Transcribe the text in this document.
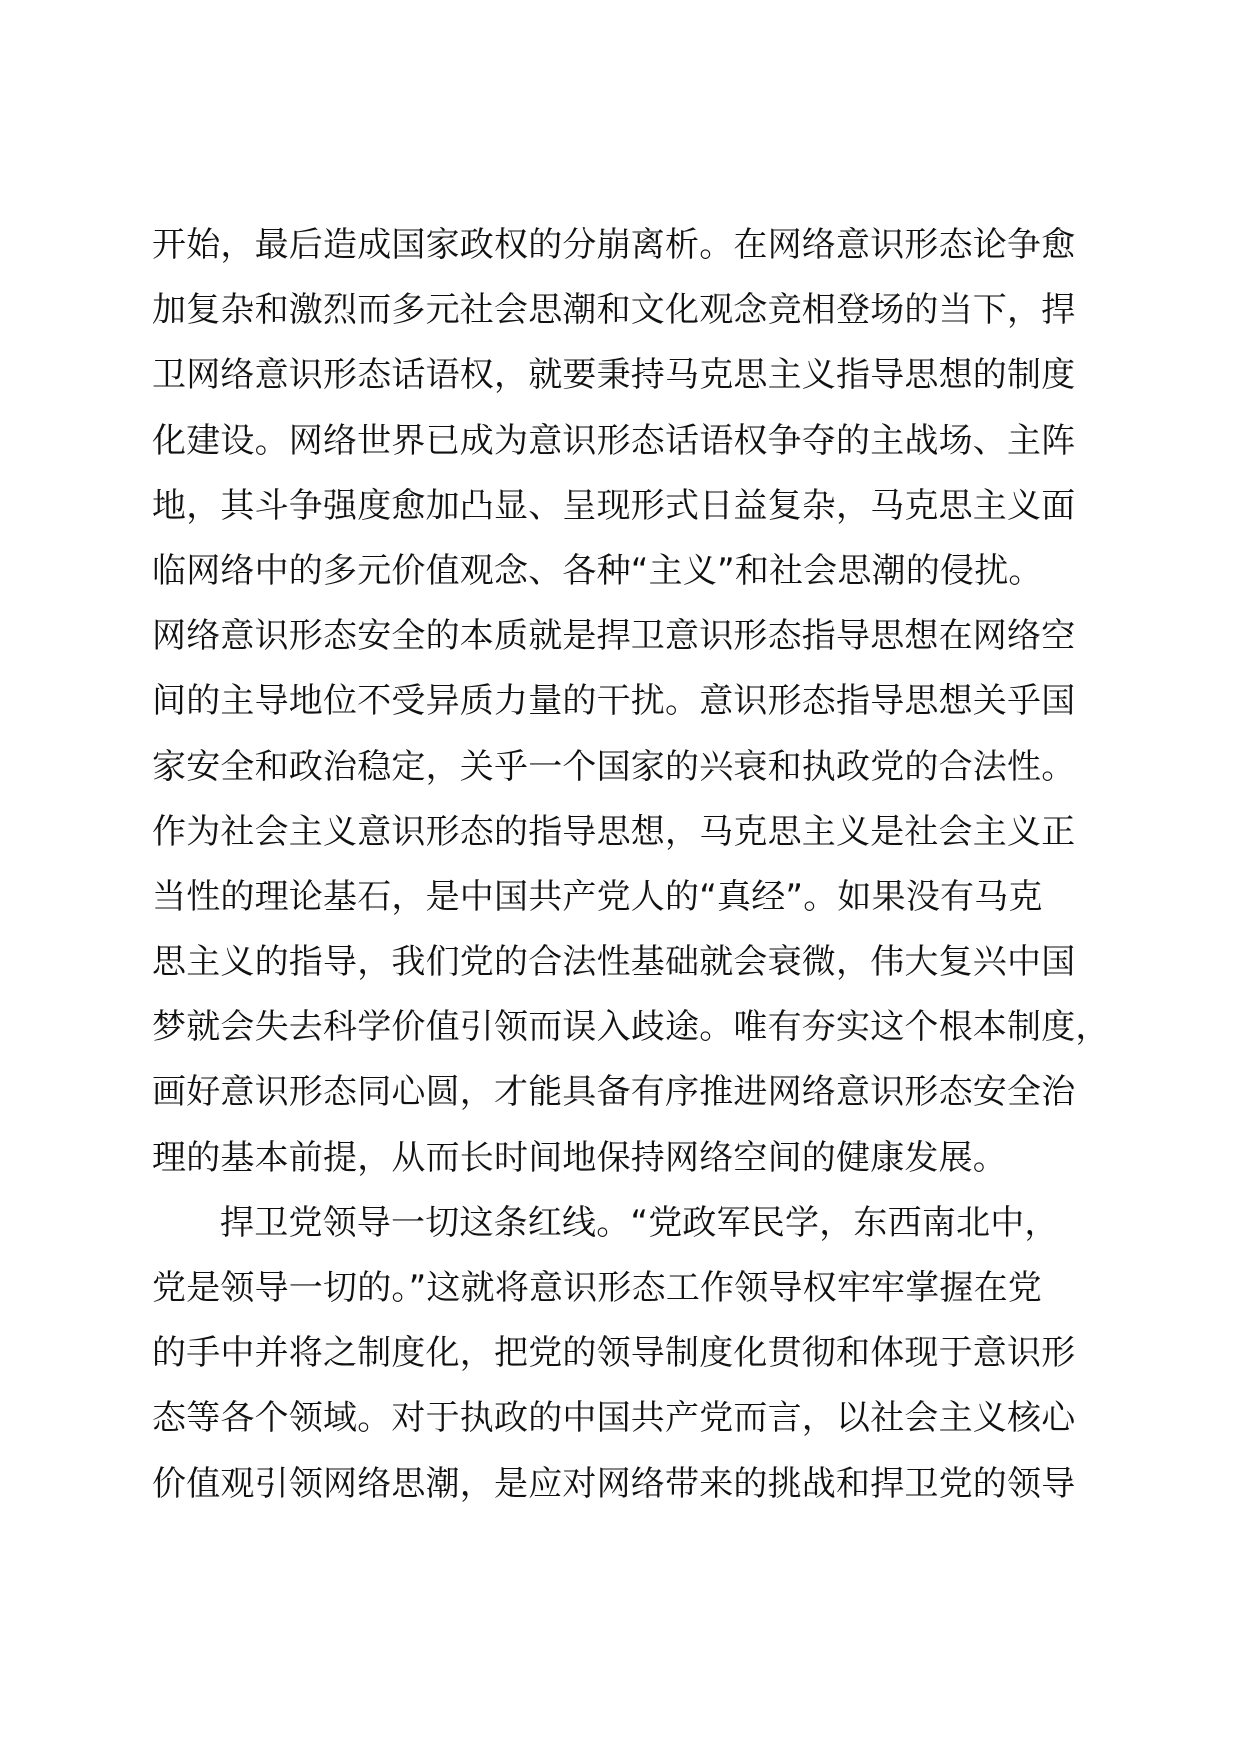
开始，最后造成国家政权的分崩离析。在网络意识形态论争愈
加复杂和激烈而多元社会思潮和文化观念竞相登场的当下，捍
卫网络意识形态话语权，就要秉持马克思主义指导思想的制度
化建设。网络世界已成为意识形态话语权争夺的主战场、主阵
地，其斗争强度愈加凸显、呈现形式日益复杂，马克思主义面
临网络中的多元价值观念、各种“主义”和社会思潮的侵扰。
网络意识形态安全的本质就是捍卫意识形态指导思想在网络空
间的主导地位不受异质力量的干扰。意识形态指导思想关乎国
家安全和政治稳定，关乎一个国家的兴衰和执政党的合法性。
作为社会主义意识形态的指导思想，马克思主义是社会主义正
当性的理论基石，是中国共产党人的“真经”。如果没有马克
思主义的指导，我们党的合法性基础就会衰微，伟大复兴中国
梦就会失去科学价值引领而误入歧途。唯有夯实这个根本制度，
画好意识形态同心圆，才能具备有序推进网络意识形态安全治
理的基本前提，从而长时间地保持网络空间的健康发展。
捍卫党领导一切这条红线。“党政军民学，东西南北中，
党是领导一切的。”这就将意识形态工作领导权牢牢掌握在党
的手中并将之制度化，把党的领导制度化贯彻和体现于意识形
态等各个领域。对于执政的中国共产党而言，以社会主义核心
价值观引领网络思潮，是应对网络带来的挑战和捍卫党的领导
